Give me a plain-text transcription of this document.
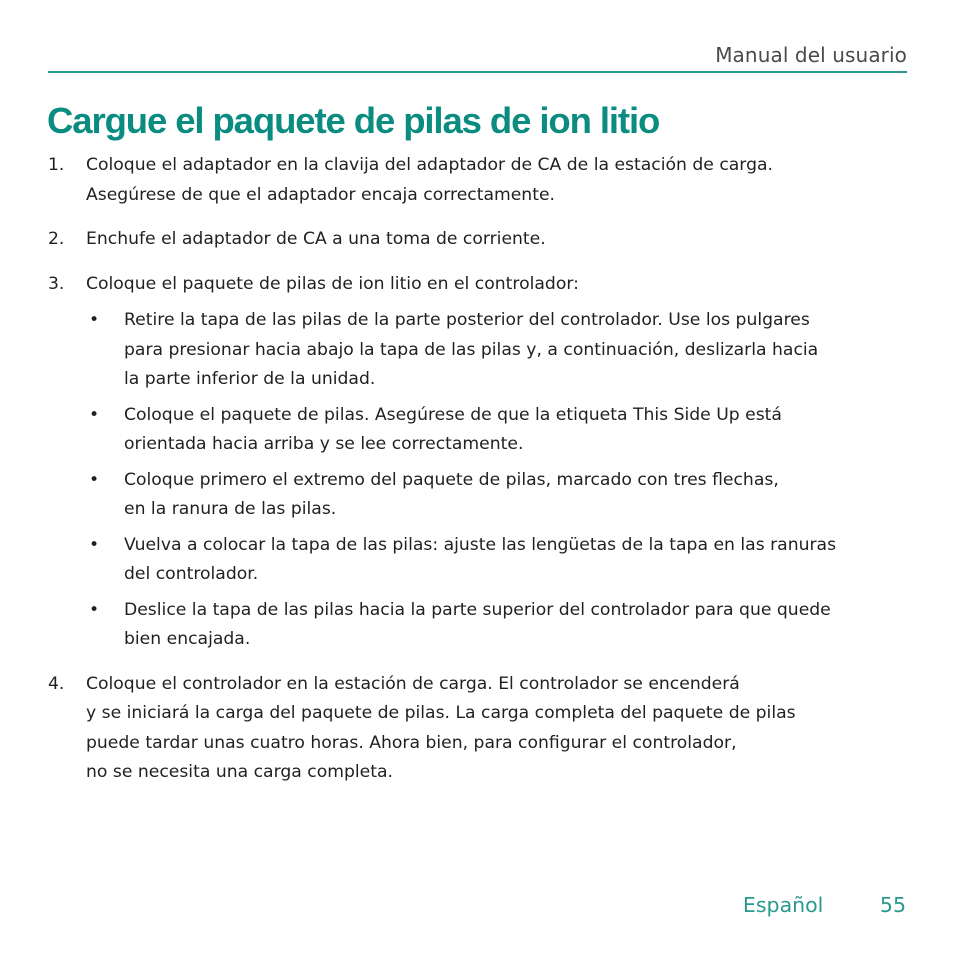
Manual del usuario
Cargue el paquete de pilas de ion litio
1. Coloque el adaptador en la clavija del adaptador de CA de la estación de carga.
Asegúrese de que el adaptador encaja correctamente.
2. Enchufe el adaptador de CA a una toma de corriente.
3. Coloque el paquete de pilas de ion litio en el controlador:
• Retire la tapa de las pilas de la parte posterior del controlador. Use los pulgares
para presionar hacia abajo la tapa de las pilas y, a continuación, deslizarla hacia
la parte inferior de la unidad.
• Coloque el paquete de pilas. Asegúrese de que la etiqueta This Side Up está
orientada hacia arriba y se lee correctamente.
• Coloque primero el extremo del paquete de pilas, marcado con tres flechas,
en la ranura de las pilas.
• Vuelva a colocar la tapa de las pilas: ajuste las lengüetas de la tapa en las ranuras
del controlador.
• Deslice la tapa de las pilas hacia la parte superior del controlador para que quede
bien encajada.
4. Coloque el controlador en la estación de carga. El controlador se encenderá
y se iniciará la carga del paquete de pilas. La carga completa del paquete de pilas
puede tardar unas cuatro horas. Ahora bien, para configurar el controlador,
no se necesita una carga completa.
Español	55
